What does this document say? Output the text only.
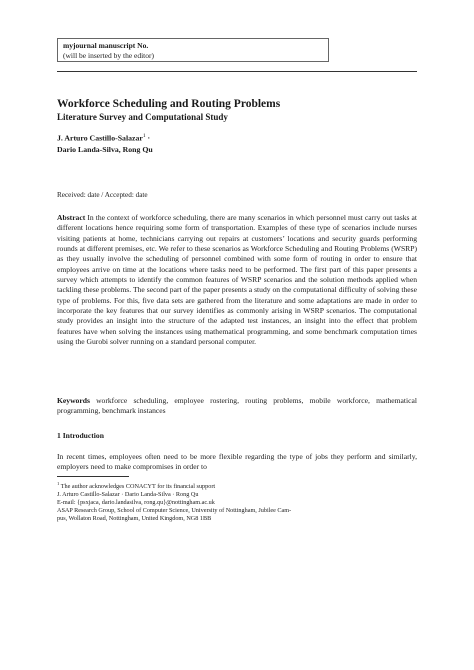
myjournal manuscript No.
(will be inserted by the editor)
Workforce Scheduling and Routing Problems
Literature Survey and Computational Study
J. Arturo Castillo-Salazar$^1$ ·
Dario Landa-Silva, Rong Qu
Received: date / Accepted: date
Abstract In the context of workforce scheduling, there are many scenarios in which personnel must carry out tasks at different locations hence requiring some form of transportation. Examples of these type of scenarios include nurses visiting patients at home, technicians carrying out repairs at customers’ locations and security guards performing rounds at different premises, etc. We refer to these scenarios as Workforce Scheduling and Routing Problems (WSRP) as they usually involve the scheduling of personnel combined with some form of routing in order to ensure that employees arrive on time at the locations where tasks need to be performed. The first part of this paper presents a survey which attempts to identify the common features of WSRP scenarios and the solution methods applied when tackling these problems. The second part of the paper presents a study on the computational difficulty of solving these type of problems. For this, five data sets are gathered from the literature and some adaptations are made in order to incorporate the key features that our survey identifies as commonly arising in WSRP scenarios. The computational study provides an insight into the structure of the adapted test instances, an insight into the effect that problem features have when solving the instances using mathematical programming, and some benchmark computation times using the Gurobi solver running on a standard personal computer.
Keywords workforce scheduling, employee rostering, routing problems, mobile workforce, mathematical programming, benchmark instances
1 Introduction
In recent times, employees often need to be more flexible regarding the type of jobs they perform and similarly, employers need to make compromises in order to
$^1$ The author acknowledges CONACYT for its financial support
J. Arturo Castillo-Salazar · Dario Landa-Silva · Rong Qu
E-mail: {psxjaca, dario.landasilva, rong.qu}@nottingham.ac.uk
ASAP Research Group, School of Computer Science, University of Nottingham, Jubilee Cam-
pus, Wollaton Road, Nottingham, United Kingdom, NG8 1BB
